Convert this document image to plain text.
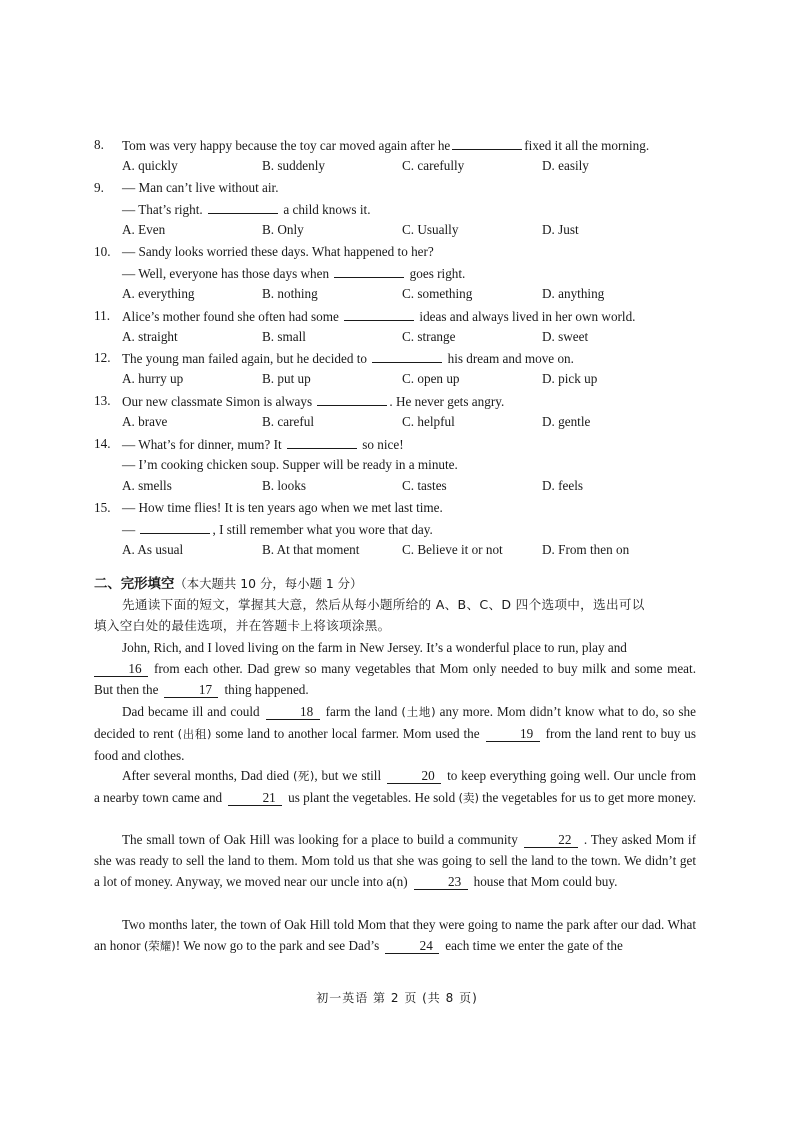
8. Tom was very happy because the toy car moved again after he	fixed it all the morning.
A. quickly	B. suddenly	C. carefully	D. easily
9. — Man can’t live without air.
— That’s right.	a child knows it.
A. Even	B. Only	C. Usually	D. Just
10. — Sandy looks worried these days. What happened to her?
— Well, everyone has those days when	goes right.
A. everything	B. nothing	C. something	D. anything
11. Alice’s mother found she often had some	ideas and always lived in her own world.
A. straight	B. small	C. strange	D. sweet
12. The young man failed again, but he decided to	his dream and move on.
A. hurry up	B. put up	C. open up	D. pick up
13. Our new classmate Simon is always	. He never gets angry.
A. brave	B. careful	C. helpful	D. gentle
14. — What’s for dinner, mum? It	so nice!
— I’m cooking chicken soup. Supper will be ready in a minute.
A. smells	B. looks	C. tastes	D. feels
15. — How time flies! It is ten years ago when we met last time.
—	, I still remember what you wore that day.
A. As usual	B. At that moment	C. Believe it or not	D. From then on
二、完形填空（本大题共 10 分，每小题 1 分）
先通读下面的短文，掌握其大意，然后从每小题所给的 A、B、C、D 四个选项中，选出可以
填入空白处的最佳选项，并在答题卡上将该项涂黑。
John, Rich, and I loved living on the farm in New Jersey. It’s a wonderful place to run, play and
16 from each other. Dad grew so many vegetables that Mom only needed to buy milk and some meat. But then the	17 thing happened.
Dad became ill and could	18 farm the land (土地) any more. Mom didn’t know what to do, so she decided to rent (出租) some land to another local farmer. Mom used the	19 from the land rent to buy us food and clothes.
After several months, Dad died (死), but we still	20 to keep everything going well. Our uncle from a nearby town came and	21 us plant the vegetables. He sold (卖) the vegetables for us to get more money.
The small town of Oak Hill was looking for a place to build a community	22 . They asked Mom if she was ready to sell the land to them. Mom told us that she was going to sell the land to the town. We didn’t get a lot of money. Anyway, we moved near our uncle into a(n)	23 house that Mom could buy.
Two months later, the town of Oak Hill told Mom that they were going to name the park after our dad. What an honor (荣耀)! We now go to the park and see Dad’s	24 each time we enter the gate of the
初一英语 第 2 页 (共 8 页)
